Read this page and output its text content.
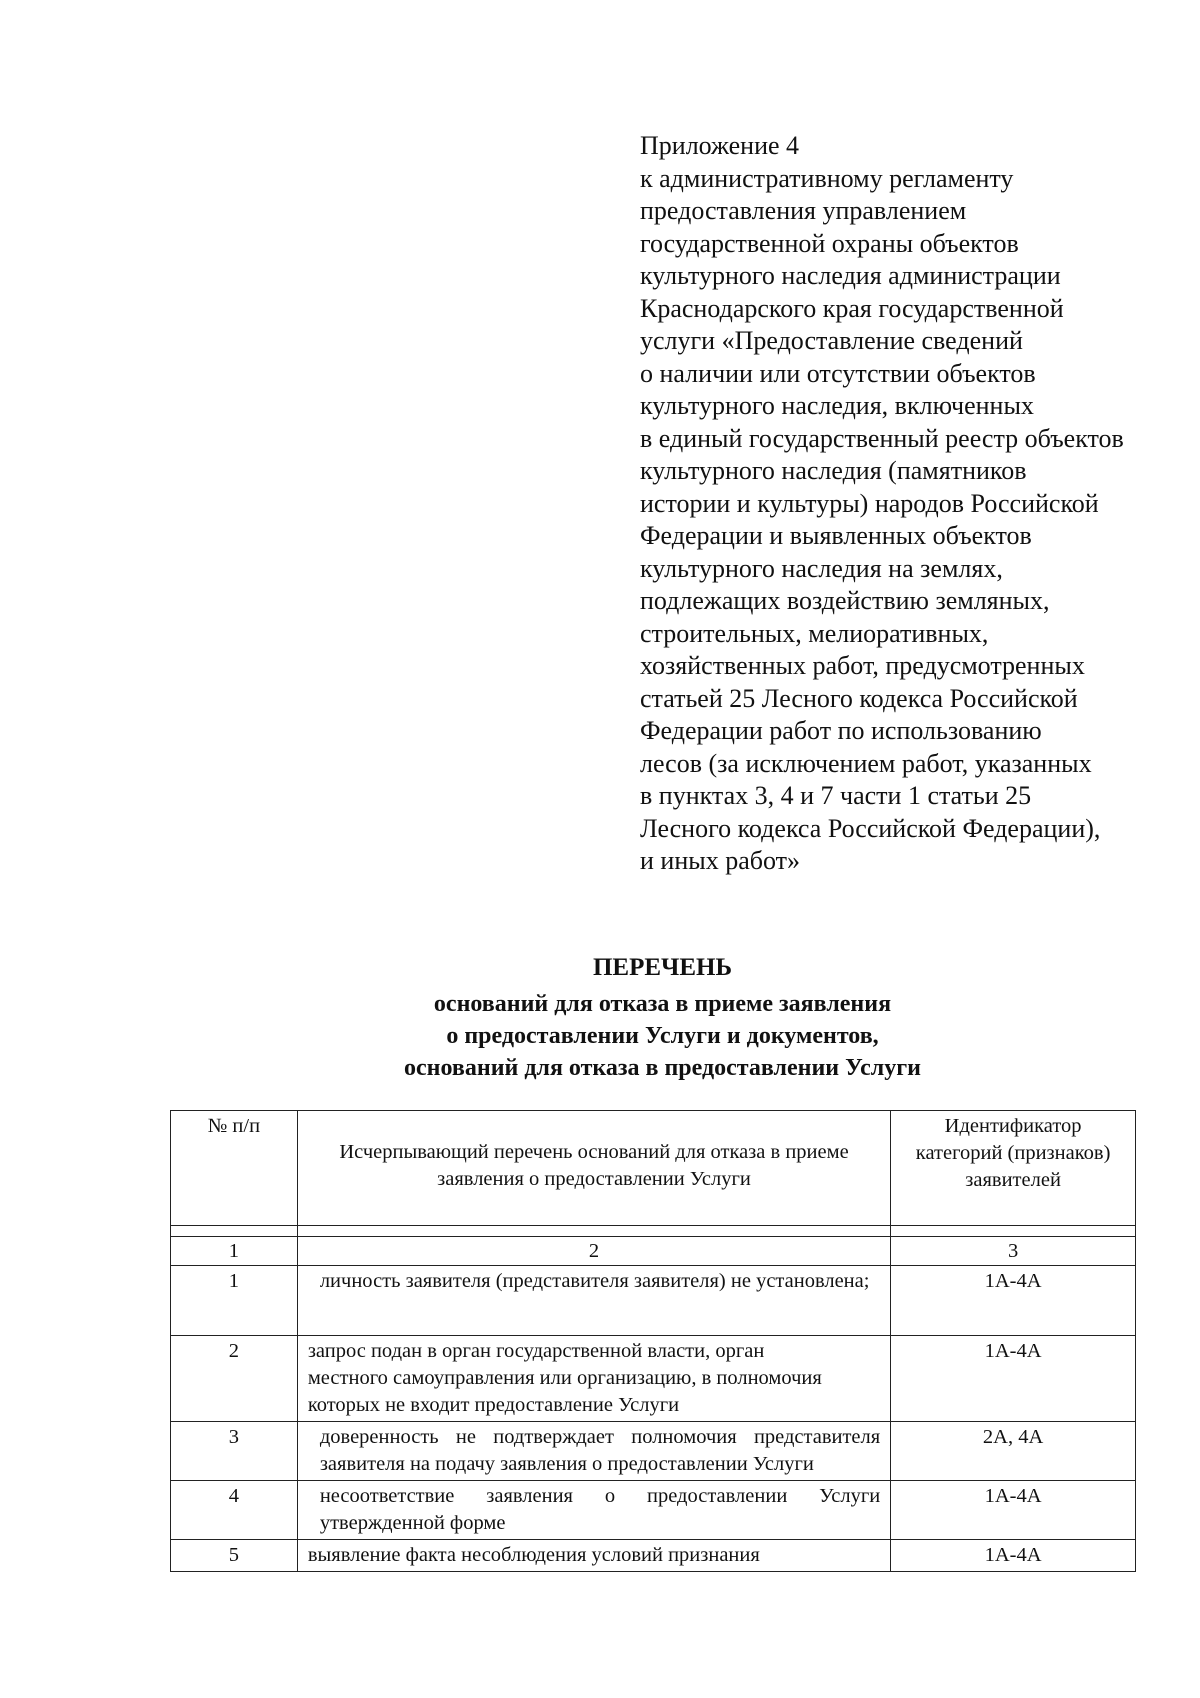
Приложение 4
к административному регламенту
предоставления управлением
государственной охраны объектов
культурного наследия администрации
Краснодарского края государственной
услуги «Предоставление сведений
о наличии или отсутствии объектов
культурного наследия, включенных
в единый государственный реестр объектов
культурного наследия (памятников
истории и культуры) народов Российской
Федерации и выявленных объектов
культурного наследия на землях,
подлежащих воздействию земляных,
строительных, мелиоративных,
хозяйственных работ, предусмотренных
статьей 25 Лесного кодекса Российской
Федерации работ по использованию
лесов (за исключением работ, указанных
в пунктах 3, 4 и 7 части 1 статьи 25
Лесного кодекса Российской Федерации),
и иных работ»
ПЕРЕЧЕНЬ
оснований для отказа в приеме заявления
о предоставлении Услуги и документов,
оснований для отказа в предоставлении Услуги
№ п/п	Исчерпывающий перечень оснований для отказа в приеме заявления о предоставлении Услуги	Идентификатор категорий (признаков) заявителей

1	2	3
1	личность заявителя (представителя заявителя) не установлена;	1А-4А
2	запрос подан в орган государственной власти, орган местного самоуправления или организацию, в полномочия которых не входит предоставление Услуги	1А-4А
3	доверенность не подтверждает полномочия представителя заявителя на подачу заявления о предоставлении Услуги	2А, 4А
4	несоответствие заявления о предоставлении Услуги утвержденной форме	1А-4А
5	выявление факта несоблюдения условий признания	1А-4А
